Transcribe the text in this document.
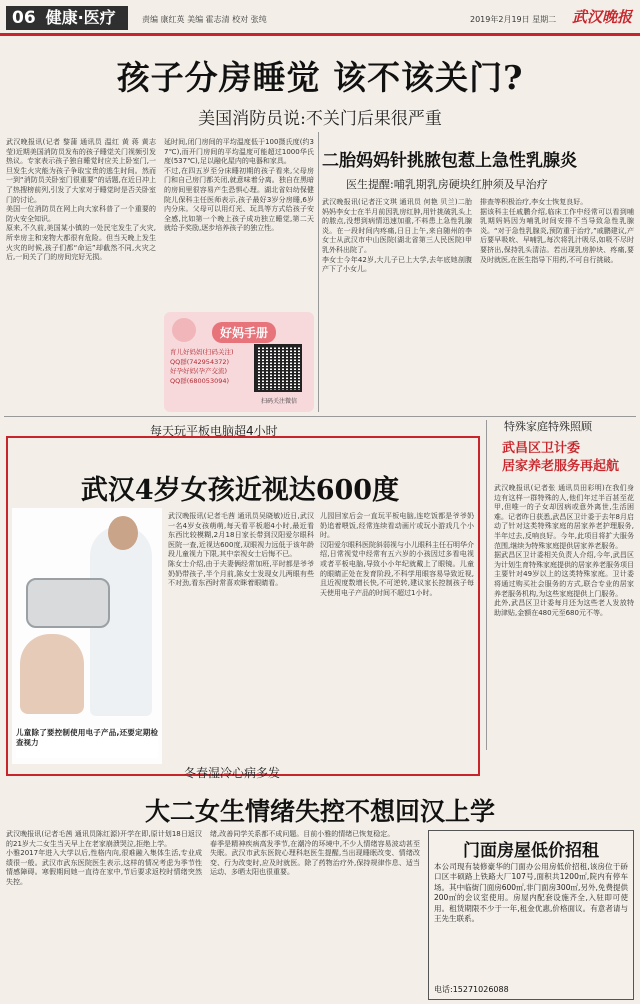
06 健康·医疗	责编 康红英 美编 霍志清 校对 张纯	2019年2月19日 星期二 武汉晚报
孩子分房睡觉 该不该关门?
美国消防员说:不关门后果很严重
武汉晚报讯(记者 黎蒲 通讯员 温红 黄 蒋 黄志莹)近期美国消防员发布的孩子睡觉关门视频引发热议。专家表示孩子独自睡觉时应关上卧室门,一旦发生火灾能为孩子争取宝贵的逃生时间。然而一到“消防员关卧室门很重要”的话题,在近日冲上了热搜榜前列,引发了大家对于睡觉时是否关卧室门的讨论。
美国一位消防员在网上向大家科普了一个重要的防火安全知识。
原来,不久前,美国某小镇的一处民宅发生了火灾,所幸房主和宠物大都很有危险。但当天晚上发生火灾的时候,孩子们都“命运”却截然不同,火灾之后,一间关了门的房间完好无损。
延时间,闭门房间的平均温度低于100摄氏度(约37℃),而开门房间的平均温度可能超过1000华氏度(537℃),足以融化屋内的电器和家具。
不过,在四五岁至分床睡初期的孩子看来,父母房门和自己房门都关闭,就意味着分离。独自在黑暗的房间里很容易产生恐惧心理。湖北省妇幼保健院儿保科主任医师表示,孩子最好3岁分房睡,6岁内分床。父母可以用灯光、玩具等方式给孩子安全感,比如第一个晚上孩子成功独立睡觉,第二天就给予奖励,逐步培养孩子的独立性。
好妈手册
育儿好妈妈(扫码关注)
QQ群(742954372)
好孕好妈(孕产交流)
QQ群(680053094)
扫码关注微信
二胎妈妈针挑脓包惹上急性乳腺炎
医生提醒:哺乳期乳房硬块红肿须及早治疗
武汉晚报讯(记者汪文琪 通讯员 何艳 贝兰)二胎妈妈李女士在半月前因乳房红肿,用针挑破乳头上的脓点,没想到病情迅速加重,不料患上急性乳腺炎。在一段时间内疼痛,日日上午,来自随州的李女士从武汉市中山医院(湖北省第三人民医院)甲乳外科出院了。
李女士今年42岁,大儿子已上大学,去年底她剖腹产下了小女儿。
排查等积极治疗,李女士恢复良好。
据该科主任戚鹏介绍,临床工作中经常可以看到哺乳期妈妈因为哺乳时间安排不当导致急性乳腺炎。“对于急性乳腺炎,预防重于治疗,”戚鹏建议,产后要早吸吮、早哺乳,每次将乳汁吸尽,如吸不尽时要挤出,保持乳头清洁。若出现乳房肿块、疼痛,要及时就医,在医生指导下用药,不可自行挑破。
每天玩平板电脑超4小时
武汉4岁女孩近视达600度
儿童除了要控制使用电子产品,还要定期检查视力
武汉晚报讯(记者毛茜 通讯员吴晓敏)近日,武汉一名4岁女孩萌萌,每天看平板超4小时,最近看东西比较模糊,2月18日家长带到汉阳爱尔眼科医院一查,近视达600度,双眼视力远低于该年龄段儿童视力下限,其中亲视女士后悔不已。
陈女士介绍,由于夫妻俩经常加班,平时都是爷爷奶奶带孩子,半个月前,陈女士发现女儿两眼有些不对劲,看东西时常喜欢眯着眼睛看。
儿园回家后会一直玩平板电脑,连吃饭都是爷爷奶奶追着喂饭,经常连续看动画片或玩小游戏几个小时。
汉阳爱尔眼科医院斜弱视与小儿眼科主任石明华介绍,日常视觉中经常有五六岁的小孩因过多看电视或者平板电脑,导致小小年纪就戴上了眼镜。儿童的眼睛正处在发育阶段,不科学用眼容易导致近视,且近视度数增长快,不可逆转,建议家长控制孩子每天使用电子产品的时间不超过1小时。
特殊家庭特殊照顾
武昌区卫计委
居家养老服务再起航
武汉晚报讯(记者张 通讯员田彩明)在我们身边有这样一群特殊的人,他们年过半百甚至花甲,但唯一的子女却因病或意外离世,生活困难。记者昨日获悉,武昌区卫计委于去年8月启动了针对这类特殊家庭的居家养老护理服务,半年过去,反响良好。今年,此项目将扩大服务范围,继续为特殊家庭提供居家养老服务。
据武昌区卫计委相关负责人介绍,今年,武昌区为计划生育特殊家庭提供的居家养老服务项目主要针对49岁以上的这类特殊家庭。卫计委将通过购买社会服务的方式,联合专业的居家养老服务机构,为这些家庭提供上门服务。
此外,武昌区卫计委每月还为这些老人发放特助津贴,金额在480元至680元不等。
冬春湿冷心病多发
大二女生情绪失控不想回汉上学
武汉晚报讯(记者毛茜 通讯员陈红源)开学在即,原计划18日返汉的21岁大二女生当天早上在老家崩溃哭泣,拒绝上学。
小雅2017年进入大学以后,性格内向,很难融入集体生活,专业成绩很一般。武汉市武东医院医生表示,这样的情况考虑为季节性情感障碍。寒假期间她一直待在家中,节后要求返校时情绪突然失控。
绪,改善同学关系都不成问题。目前小雅的情绪已恢复稳定。
春季是精神疾病高发季节,在潮冷的环境中,不少人情绪容易波动甚至失眠。武汉市武东医院心理科赵医生提醒,当出现睡眠改变、情绪改变、行为改变时,应及时就医。除了药物治疗外,保持规律作息、适当运动、多晒太阳也很重要。
门面房屋低价招租
本公司现有装修豪华的门面办公用房低价招租,该房位于硚口区丰硕路上铁路大厂107号,面积共1200㎡,院内有停车场。其中临街门面房600㎡,非门面房300㎡,另外,免费提供200㎡的会议室使用。房屋内配套设施齐全,入驻即可使用。租赁期限不少于一年,租金优惠,价格面议。有意者请与王先生联系。
电话:15271026088
